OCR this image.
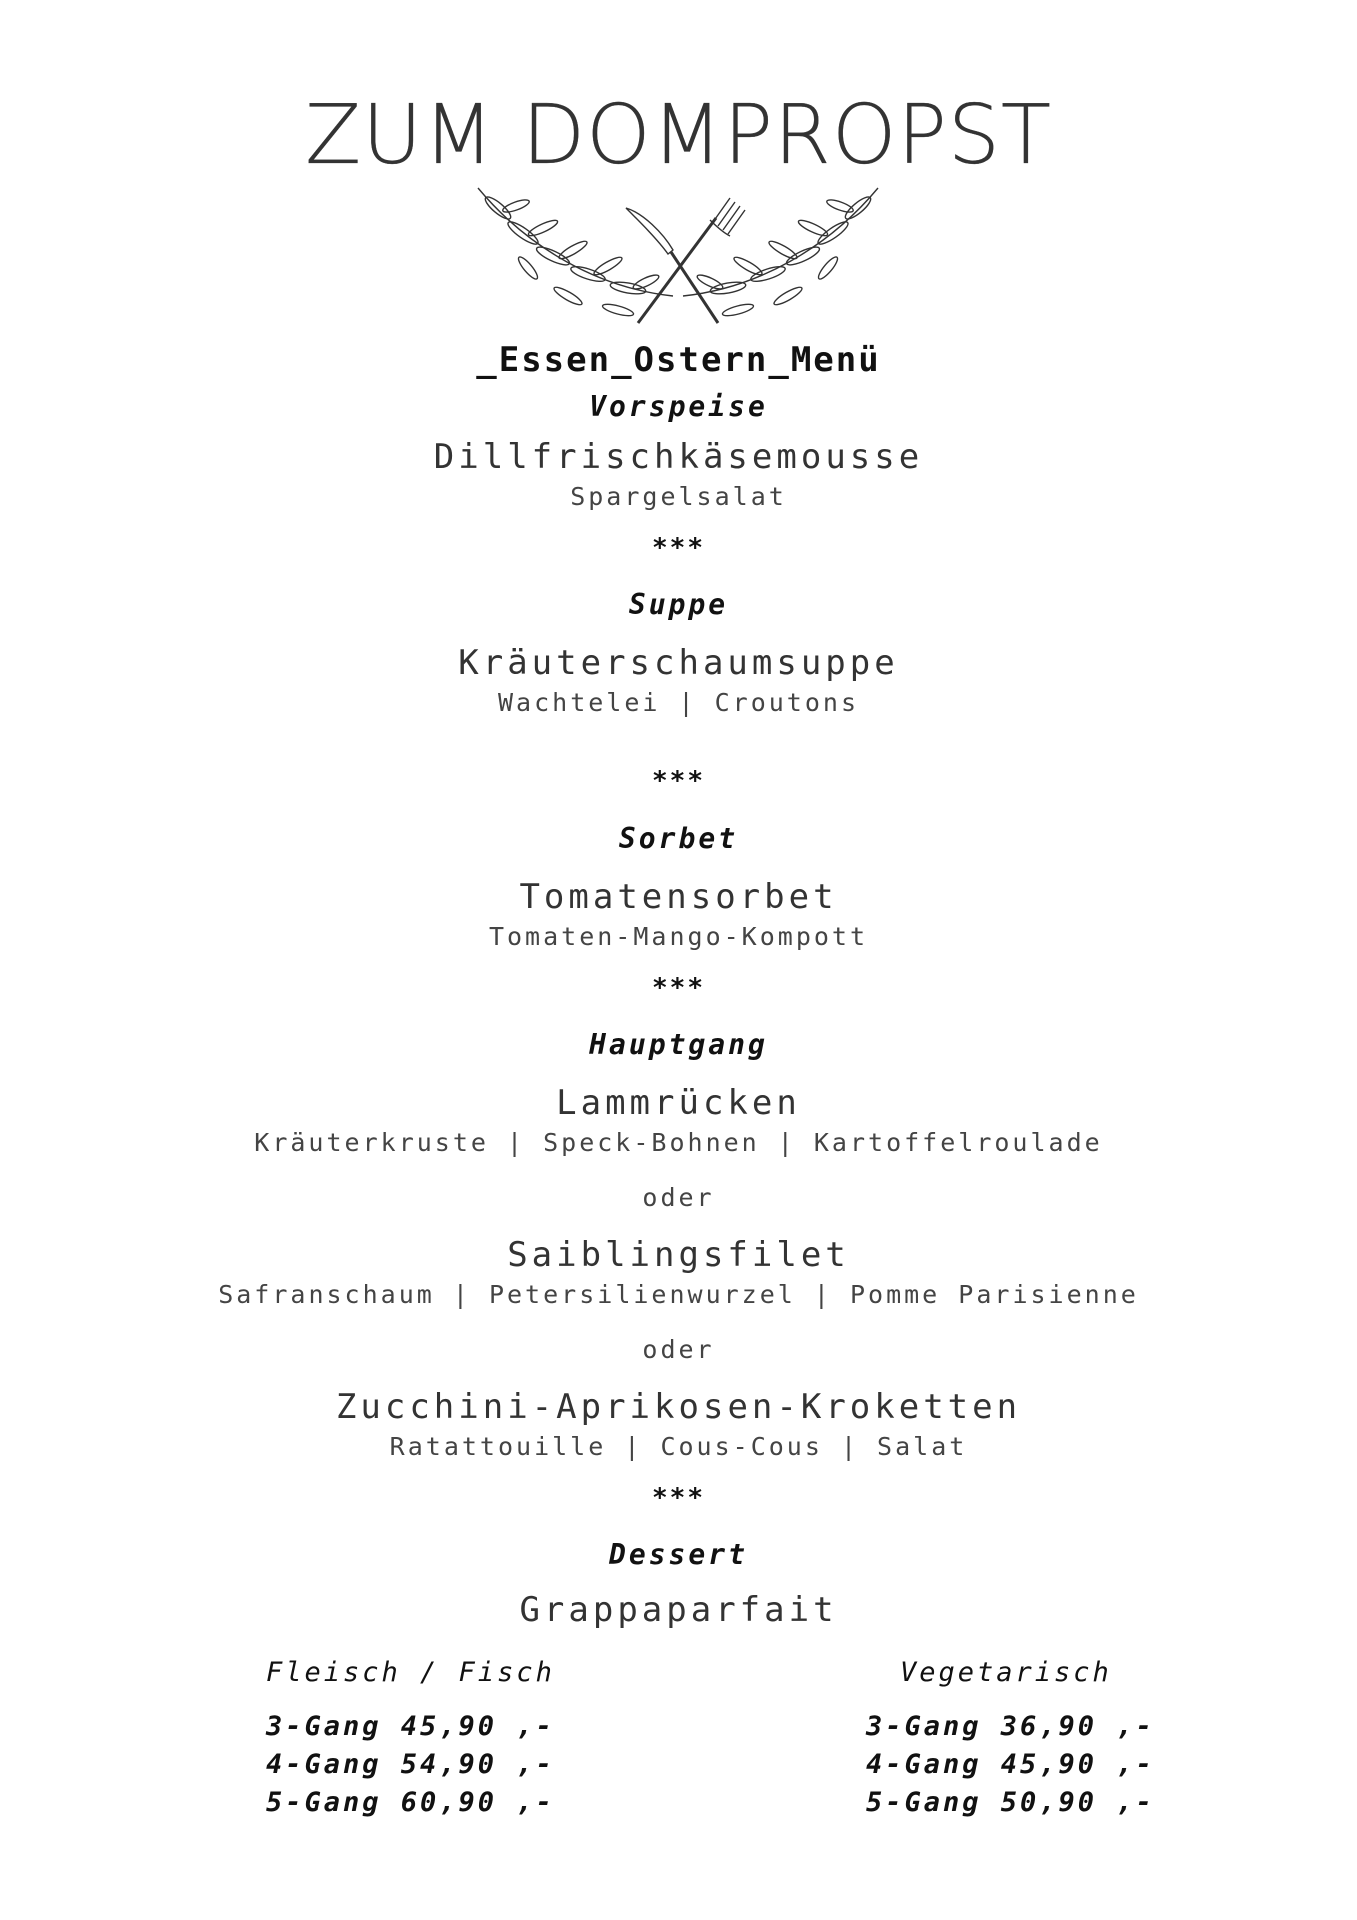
ZUM DOMPROPST
_Essen_Ostern_Menü
Vorspeise
Dillfrischkäsemousse
Spargelsalat
***
Suppe
Kräuterschaumsuppe
Wachtelei | Croutons
***
Sorbet
Tomatensorbet
Tomaten-Mango-Kompott
***
Hauptgang
Lammrücken
Kräuterkruste | Speck-Bohnen | Kartoffelroulade
oder
Saiblingsfilet
Safranschaum | Petersilienwurzel | Pomme Parisienne
oder
Zucchini-Aprikosen-Kroketten
Ratattouille | Cous-Cous | Salat
***
Dessert
Grappaparfait
Fleisch / Fisch
3-Gang 45,90 ,-
4-Gang 54,90 ,-
5-Gang 60,90 ,-
Vegetarisch
3-Gang 36,90 ,-
4-Gang 45,90 ,-
5-Gang 50,90 ,-
